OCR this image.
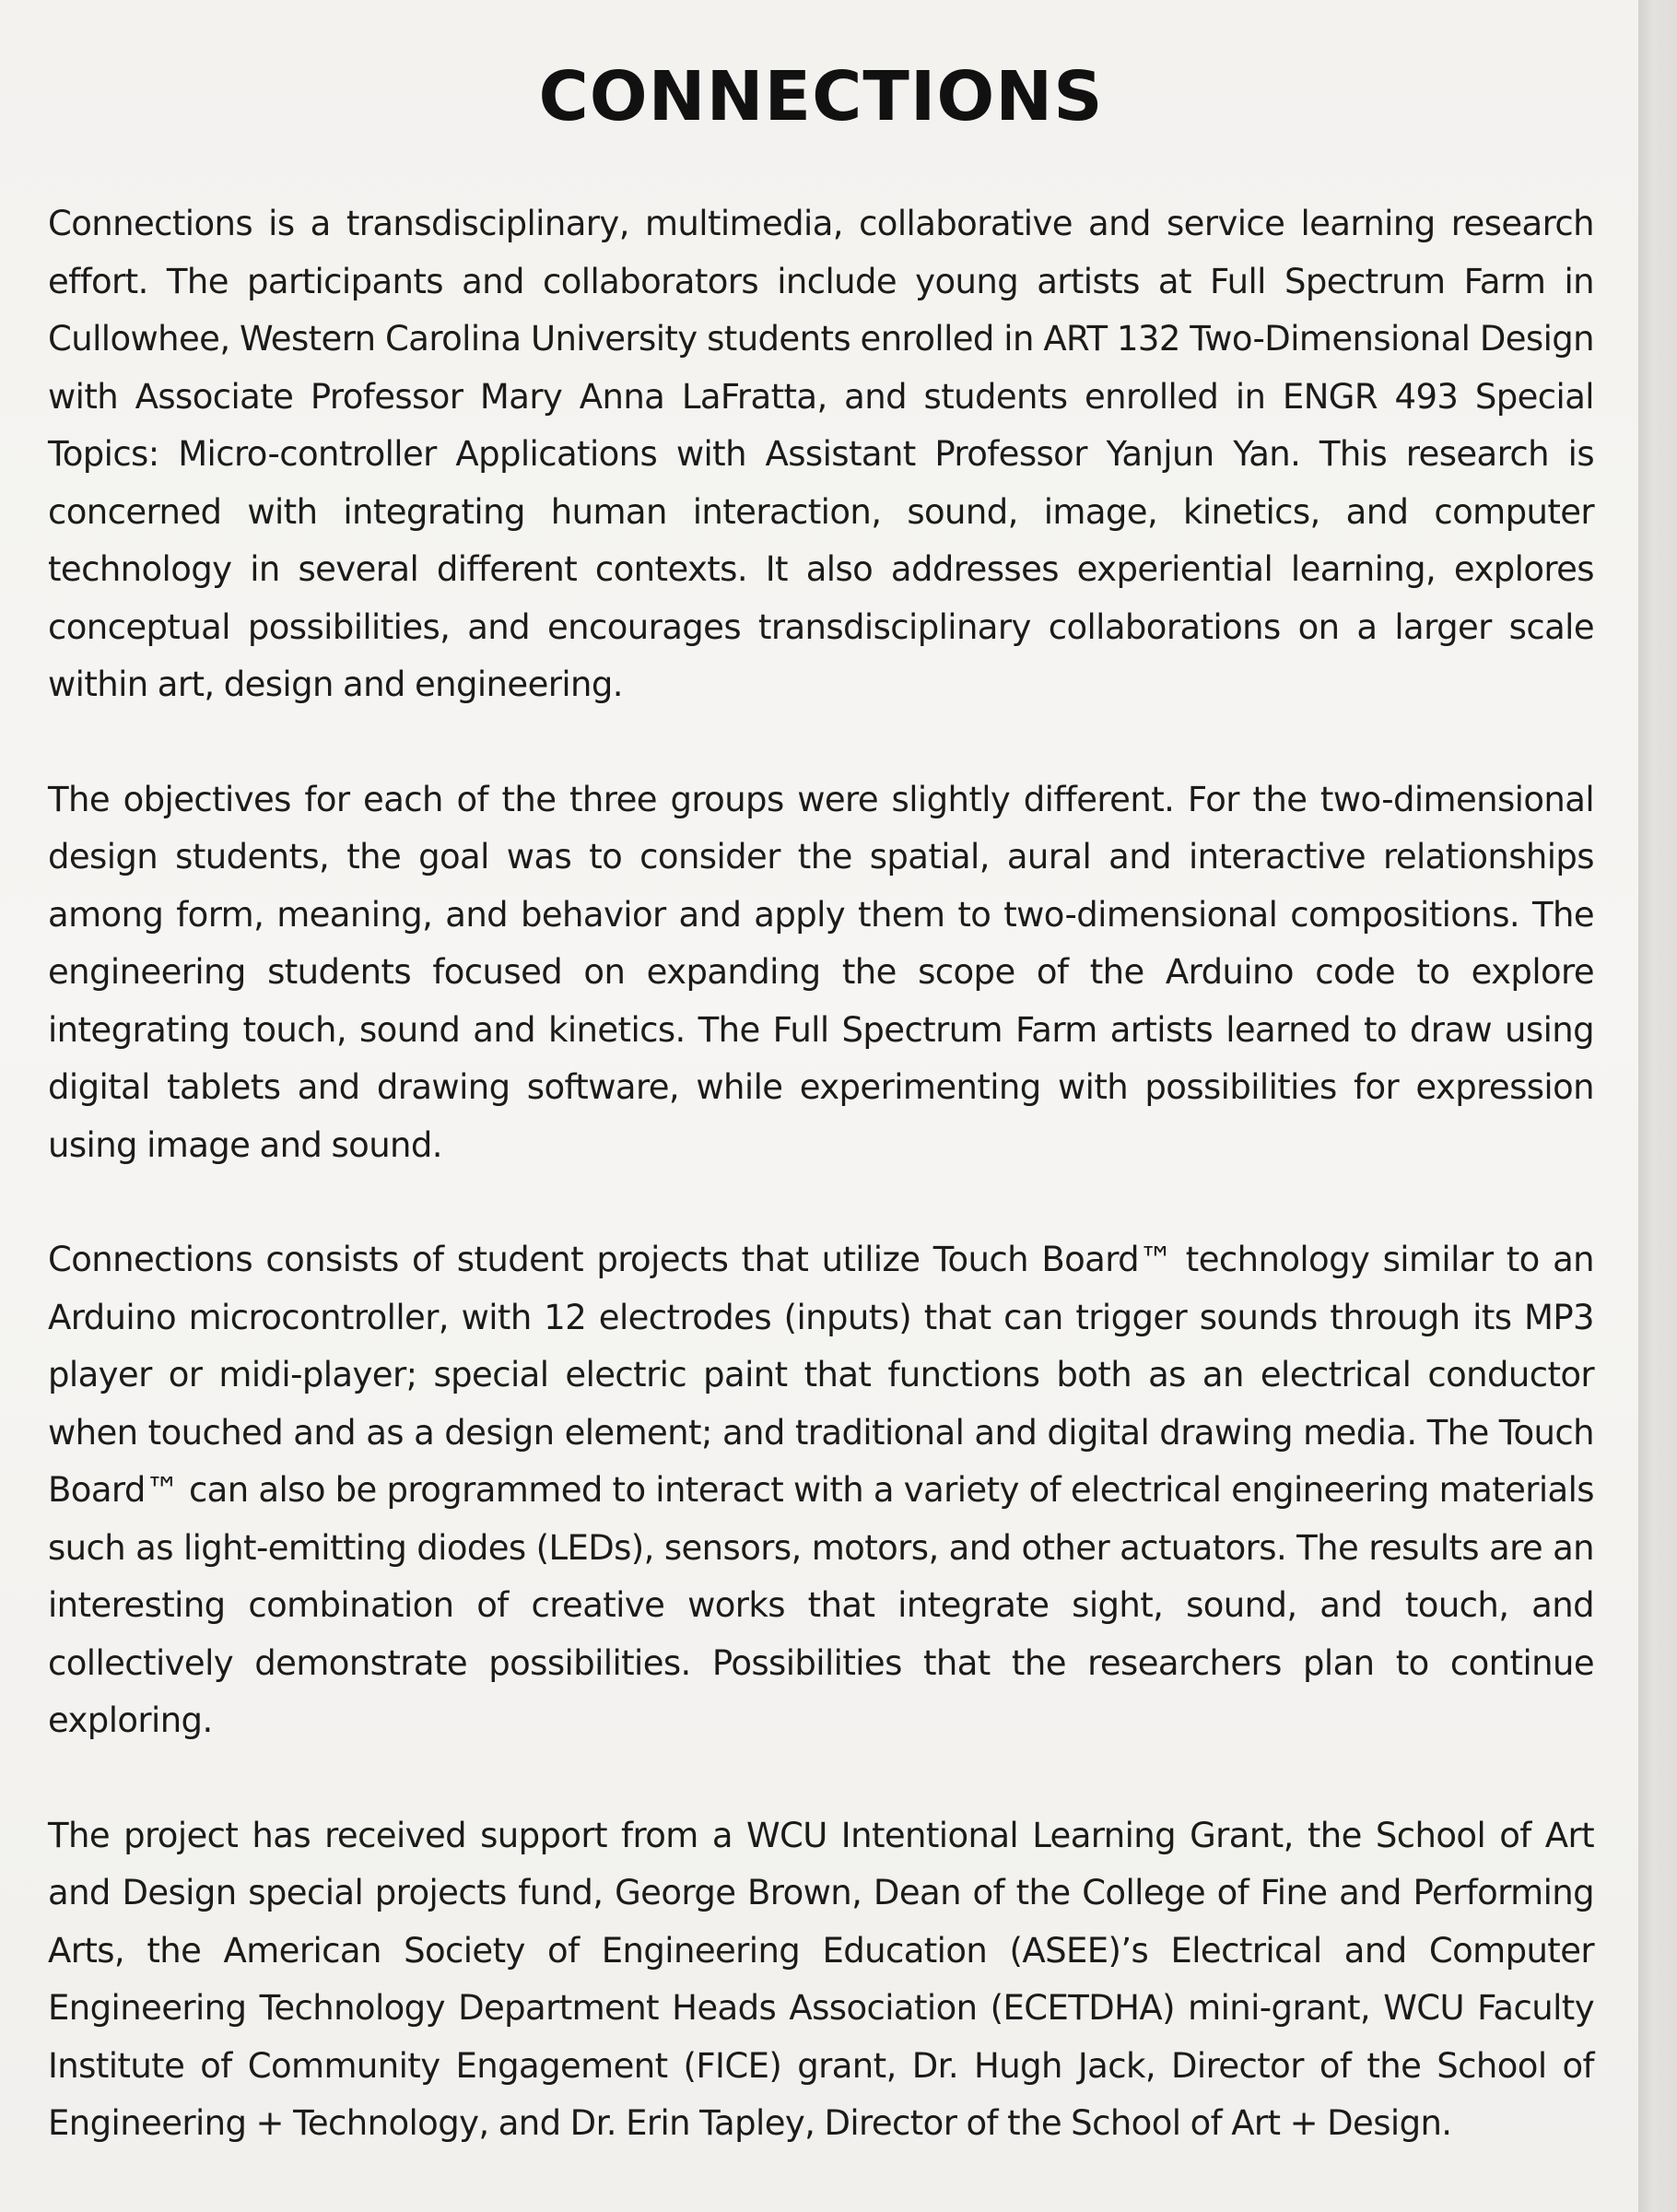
CONNECTIONS

Connections is a transdisciplinary, multimedia, collaborative and service learning research effort. The participants and collaborators include young artists at Full Spectrum Farm in Cullowhee, Western Carolina University students enrolled in ART 132 Two-Dimensional Design with Associate Professor Mary Anna LaFratta, and students enrolled in ENGR 493 Special Topics: Micro-controller Applications with Assistant Professor Yanjun Yan. This research is concerned with integrating human interaction, sound, image, kinetics, and computer technology in several different contexts. It also addresses experiential learning, explores conceptual possibilities, and encourages transdisciplinary collaborations on a larger scale within art, design and engineering.

The objectives for each of the three groups were slightly different. For the two-dimensional design students, the goal was to consider the spatial, aural and interactive relationships among form, meaning, and behavior and apply them to two-dimensional compositions. The engineering students focused on expanding the scope of the Arduino code to explore integrating touch, sound and kinetics. The Full Spectrum Farm artists learned to draw using digital tablets and drawing software, while experimenting with possibilities for expression using image and sound.

Connections consists of student projects that utilize Touch Board™ technology similar to an Arduino microcontroller, with 12 electrodes (inputs) that can trigger sounds through its MP3 player or midi-player; special electric paint that functions both as an electrical conductor when touched and as a design element; and traditional and digital drawing media. The Touch Board™ can also be programmed to interact with a variety of electrical engineering materials such as light-emitting diodes (LEDs), sensors, motors, and other actuators. The results are an interesting combination of creative works that integrate sight, sound, and touch, and collectively demonstrate possibilities. Possibilities that the researchers plan to continue exploring.

The project has received support from a WCU Intentional Learning Grant, the School of Art and Design special projects fund, George Brown, Dean of the College of Fine and Performing Arts, the American Society of Engineering Education (ASEE)’s Electrical and Computer Engineering Technology Department Heads Association (ECETDHA) mini-grant, WCU Faculty Institute of Community Engagement (FICE) grant, Dr. Hugh Jack, Director of the School of Engineering + Technology, and Dr. Erin Tapley, Director of the School of Art + Design.
